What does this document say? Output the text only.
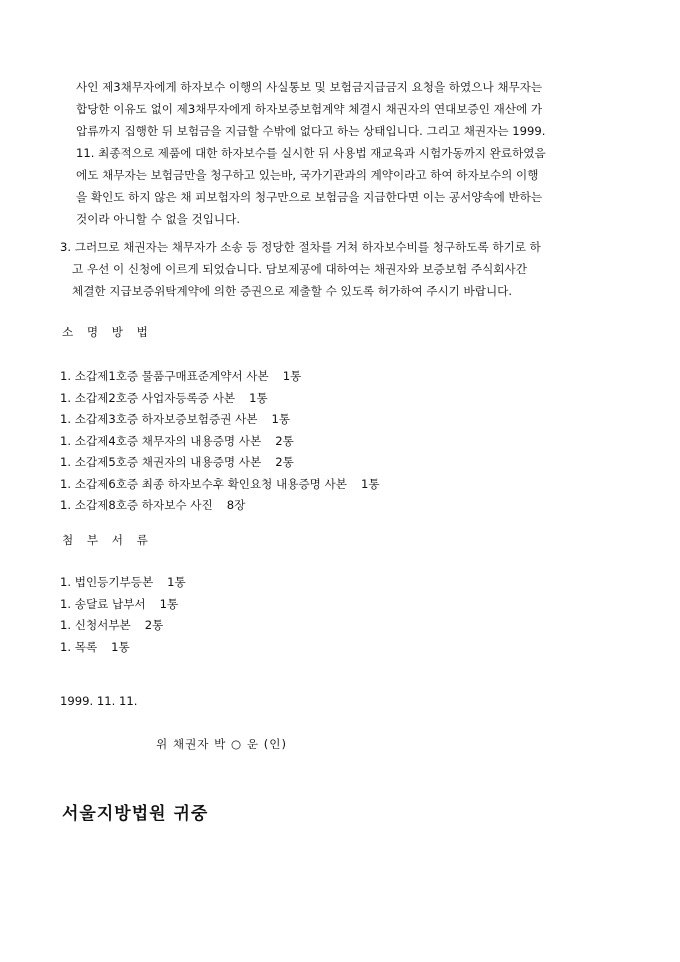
사인 제3채무자에게 하자보수 이행의 사실통보 및 보험금지급금지 요청을 하였으나 채무자는
합당한 이유도 없이 제3채무자에게 하자보증보험계약 체결시 채권자의 연대보증인 재산에 가
압류까지 집행한 뒤 보험금을 지급할 수밖에 없다고 하는 상태입니다. 그리고 채권자는 1999.
11. 최종적으로 제품에 대한 하자보수를 실시한 뒤 사용법 재교육과 시험가동까지 완료하였음
에도 채무자는 보험금만을 청구하고 있는바, 국가기관과의 계약이라고 하여 하자보수의 이행
을 확인도 하지 않은 채 피보험자의 청구만으로 보험금을 지급한다면 이는 공서양속에 반하는
것이라 아니할 수 없을 것입니다.
3. 그러므로 채권자는 채무자가 소송 등 정당한 절차를 거쳐 하자보수비를 청구하도록 하기로 하
고 우선 이 신청에 이르게 되었습니다. 담보제공에 대하여는 채권자와 보증보험 주식회사간
체결한 지급보증위탁계약에 의한 증권으로 제출할 수 있도록 허가하여 주시기 바랍니다.
소 명 방 법
1. 소갑제1호증 물품구매표준계약서 사본 1통
1. 소갑제2호증 사업자등록증 사본 1통
1. 소갑제3호증 하자보증보험증권 사본 1통
1. 소갑제4호증 채무자의 내용증명 사본 2통
1. 소갑제5호증 채권자의 내용증명 사본 2통
1. 소갑제6호증 최종 하자보수후 확인요청 내용증명 사본 1통
1. 소갑제8호증 하자보수 사진 8장
첨 부 서 류
1. 법인등기부등본 1통
1. 송달료 납부서 1통
1. 신청서부본 2통
1. 목록 1통
1999. 11. 11.
위 채권자 박 ○ 운 (인)
서울지방법원 귀중
